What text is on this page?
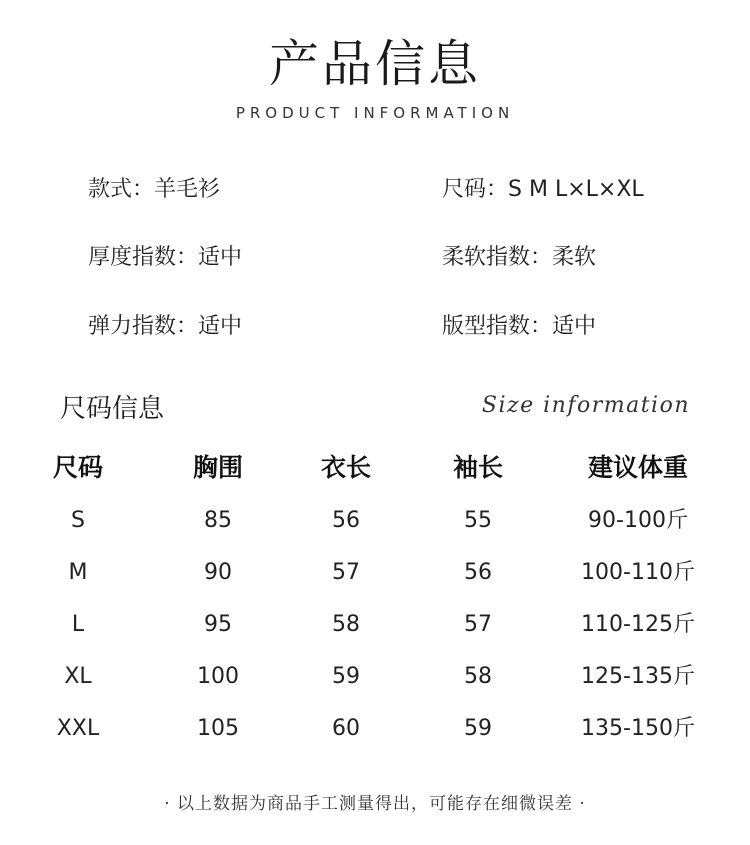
产品信息
PRODUCT INFORMATION
款式：羊毛衫	尺码：S M L×L×XL
厚度指数：适中	柔软指数：柔软
弹力指数：适中	版型指数：适中
尺码信息	Size information
尺码	胸围	衣长	袖长	建议体重
S	85	56	55	90-100斤
M	90	57	56	100-110斤
L	95	58	57	110-125斤
XL	100	59	58	125-135斤
XXL	105	60	59	135-150斤
· 以上数据为商品手工测量得出，可能存在细微误差 ·
